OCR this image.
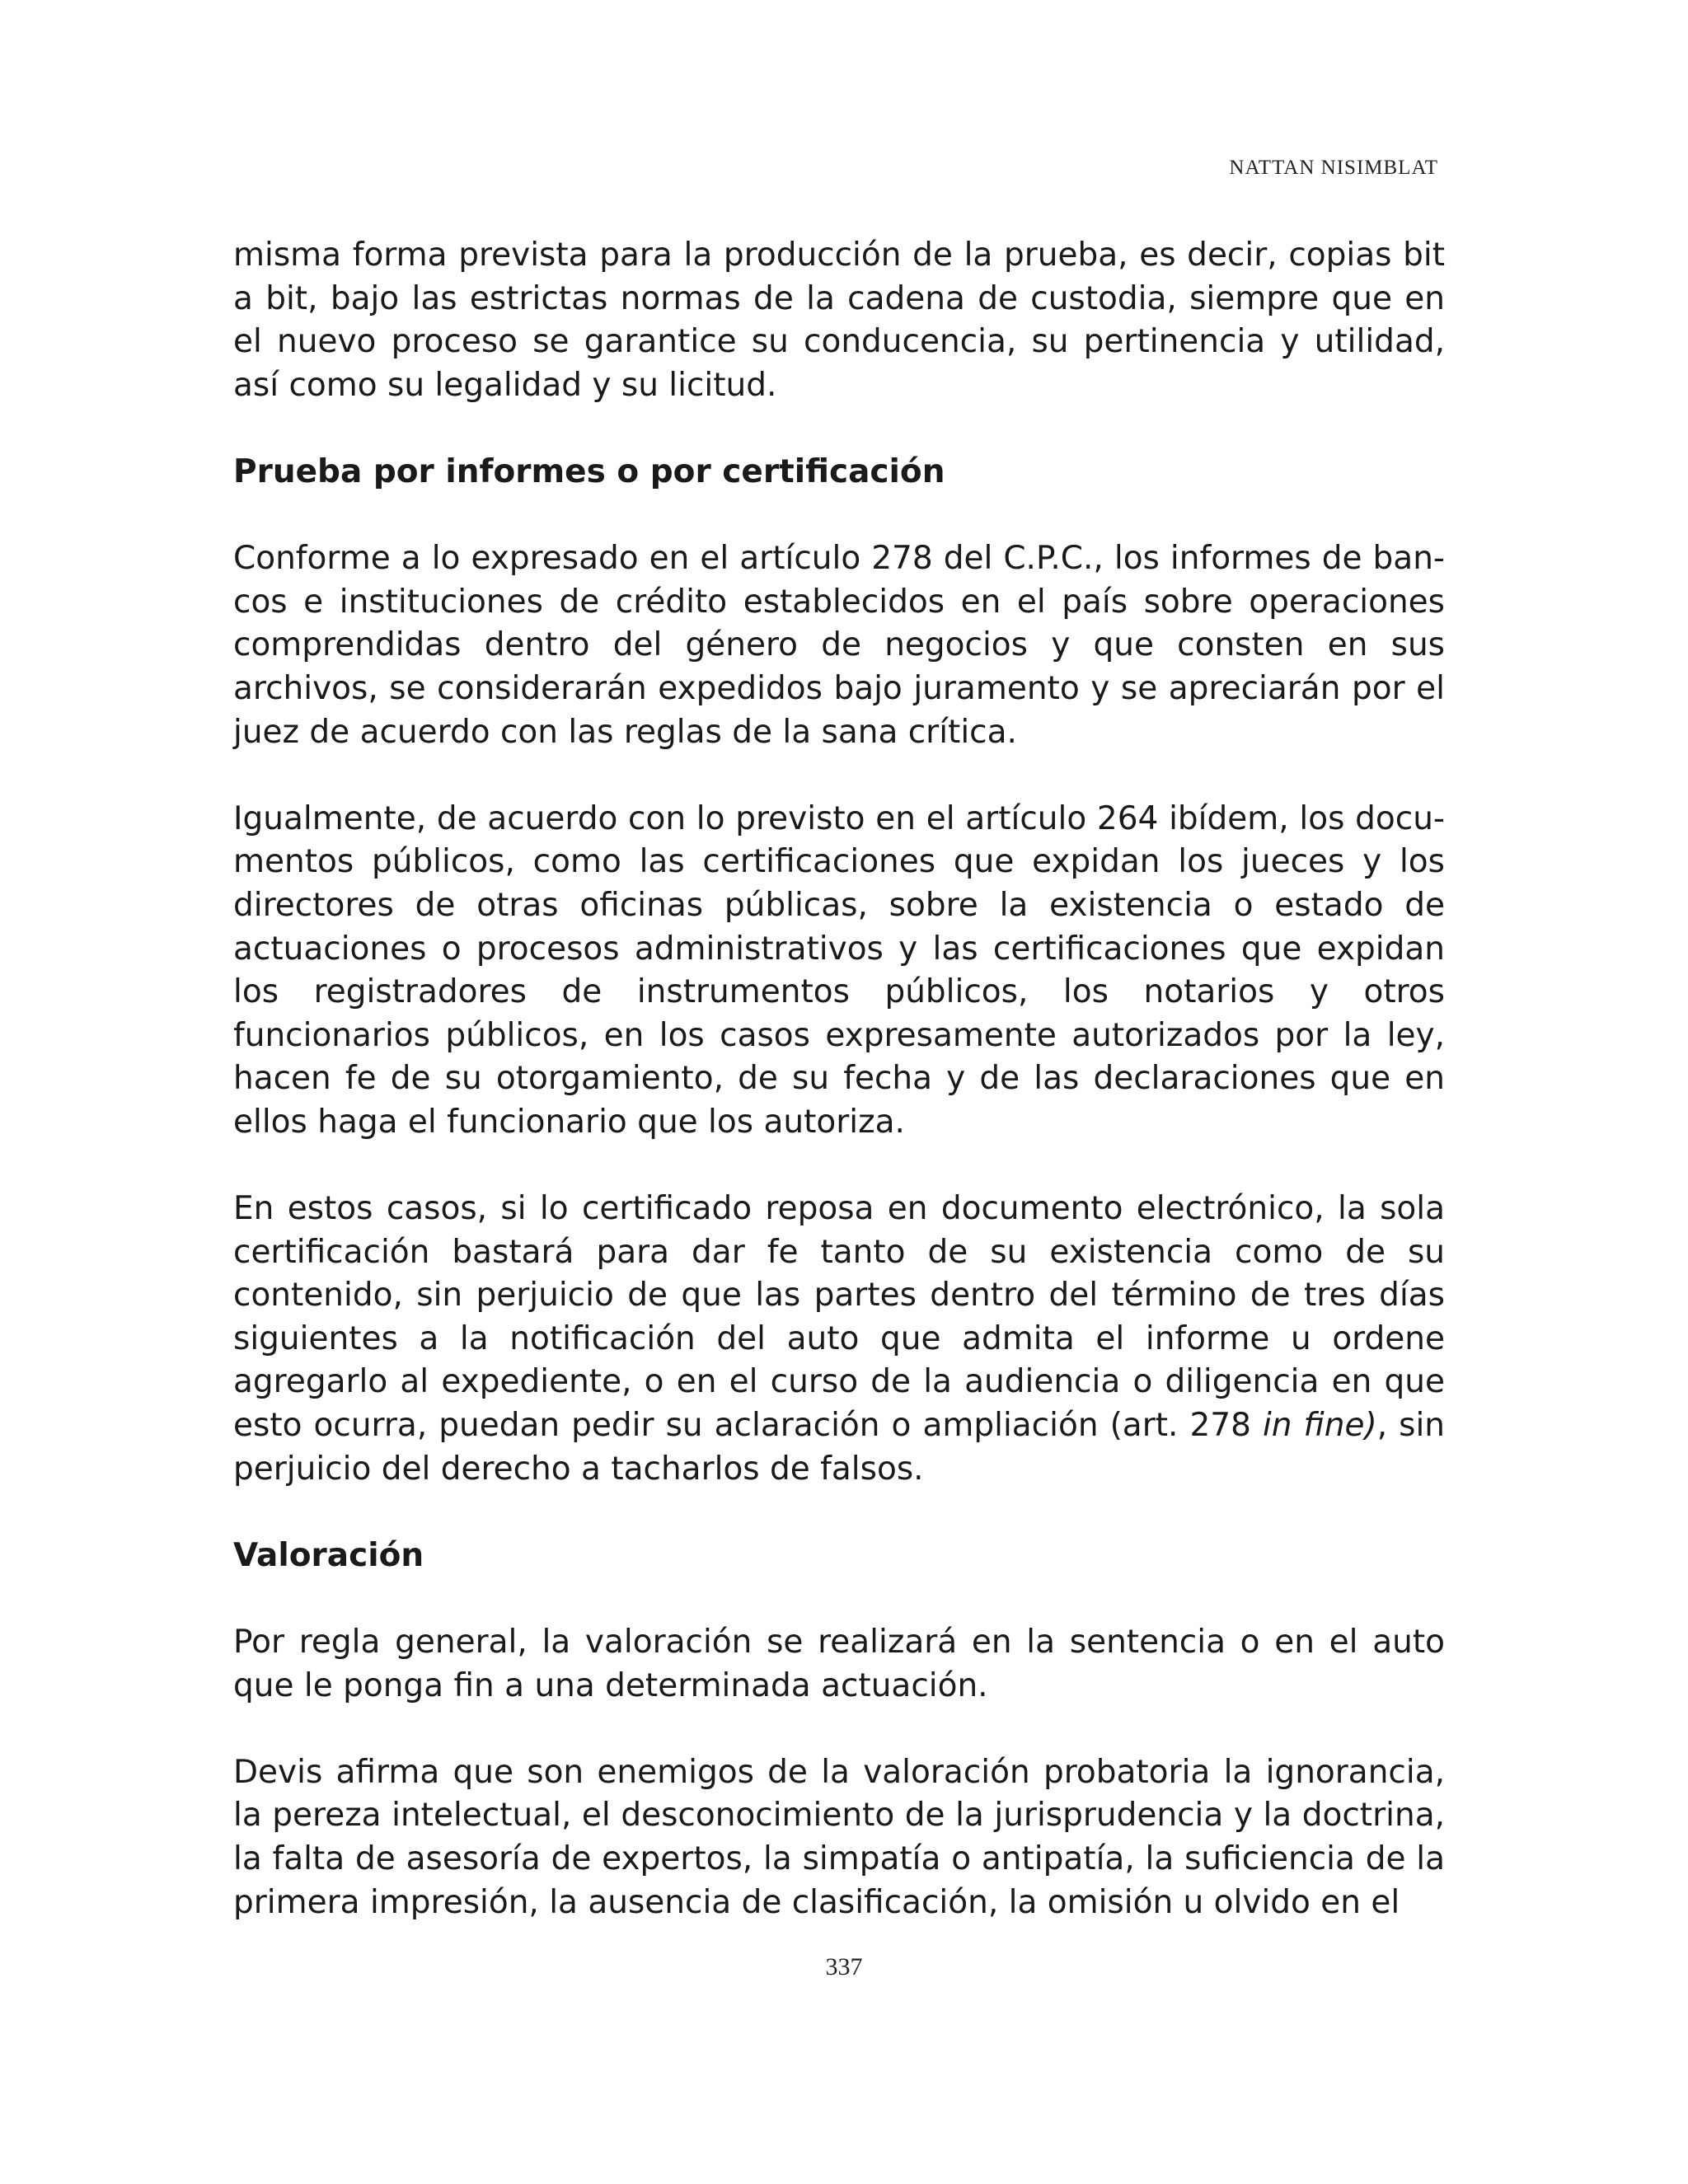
NATTAN NISIMBLAT

misma forma prevista para la producción de la prueba, es decir, copias bit a bit, bajo las estrictas normas de la cadena de custodia, siempre que en el nuevo proceso se garantice su conducencia, su pertinencia y utilidad, así como su legalidad y su licitud.

Prueba por informes o por certificación

Conforme a lo expresado en el artículo 278 del C.P.C., los informes de bancos e instituciones de crédito establecidos en el país sobre operaciones comprendidas dentro del género de negocios y que consten en sus archivos, se considerarán expedidos bajo juramento y se apreciarán por el juez de acuerdo con las reglas de la sana crítica.

Igualmente, de acuerdo con lo previsto en el artículo 264 ibídem, los documentos públicos, como las certificaciones que expidan los jueces y los directores de otras oficinas públicas, sobre la existencia o estado de actuaciones o procesos administrativos y las certificaciones que expidan los registradores de instrumentos públicos, los notarios y otros funcionarios públicos, en los casos expresamente autorizados por la ley, hacen fe de su otorgamiento, de su fecha y de las declaraciones que en ellos haga el funcionario que los autoriza.

En estos casos, si lo certificado reposa en documento electrónico, la sola certificación bastará para dar fe tanto de su existencia como de su contenido, sin perjuicio de que las partes dentro del término de tres días siguientes a la notificación del auto que admita el informe u ordene agregarlo al expediente, o en el curso de la audiencia o diligencia en que esto ocurra, puedan pedir su aclaración o ampliación (art. 278 in fine), sin perjuicio del derecho a tacharlos de falsos.

Valoración

Por regla general, la valoración se realizará en la sentencia o en el auto que le ponga fin a una determinada actuación.

Devis afirma que son enemigos de la valoración probatoria la ignorancia, la pereza intelectual, el desconocimiento de la jurisprudencia y la doctrina, la falta de asesoría de expertos, la simpatía o antipatía, la suficiencia de la primera impresión, la ausencia de clasificación, la omisión u olvido en el

337
